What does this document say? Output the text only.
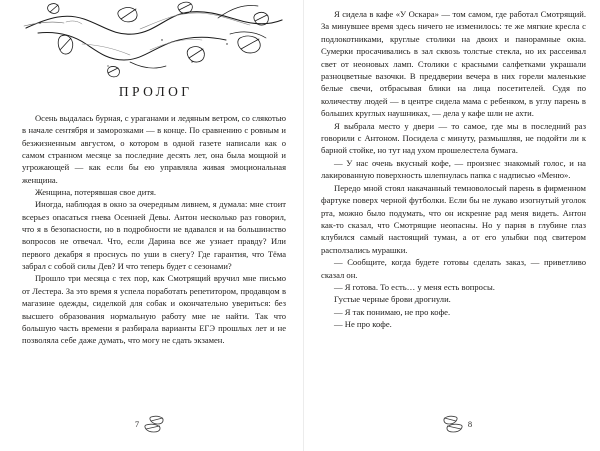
ПРОЛОГ

Осень выдалась бурная, с ураганами и ледяным ветром, со слякотью в начале сентября и заморозками — в конце. По сравнению с ровным и безжизненным августом, о котором в одной газете написали как о самом странном месяце за последние десять лет, она была мощной и угрожающей — как если бы ею управляла живая эмоциональная женщина.

Женщина, потерявшая свое дитя.

Иногда, наблюдая в окно за очередным ливнем, я думала: мне стоит всерьез опасаться гнева Осенней Девы. Антон несколько раз говорил, что я в безопасности, но в подробности не вдавался и на большинство вопросов не отвечал. Что, если Дарина все же узнает правду? Или первого декабря я проснусь по уши в снегу? Где гарантия, что Тёма забрал с собой силы Дев? И что теперь будет с сезонами?

Прошло три месяца с тех пор, как Смотрящий вручил мне письмо от Лестера. За это время я успела поработать репетитором, продавцом в магазине одежды, сиделкой для собак и окончательно увериться: без высшего образования нормальную работу мне не найти. Так что большую часть времени я разбирала варианты ЕГЭ прошлых лет и не позволяла себе даже думать, что могу не сдать экзамен.

7

Я сидела в кафе «У Оскара» — том самом, где работал Смотрящий. За минувшее время здесь ничего не изменилось: те же мягкие кресла с подлокотниками, круглые столики на двоих и панорамные окна. Сумерки просачивались в зал сквозь толстые стекла, но их рассеивал свет от неоновых ламп. Столики с красными салфетками украшали разноцветные вазочки. В преддверии вечера в них горели маленькие белые свечи, отбрасывая блики на лица посетителей. Судя по количеству людей — в центре сидела мама с ребенком, в углу парень в больших круглых наушниках, — дела у кафе шли не ахти.

Я выбрала место у двери — то самое, где мы в последний раз говорили с Антоном. Посидела с минуту, размышляя, не подойти ли к барной стойке, но тут над ухом прошелестела бумага.

— У нас очень вкусный кофе, — произнес знакомый голос, и на лакированную поверхность шлепнулась папка с надписью «Меню».

Передо мной стоял накачанный темноволосый парень в фирменном фартуке поверх черной футболки. Если бы не лукаво изогнутый уголок рта, можно было подумать, что он искренне рад меня видеть. Антон как-то сказал, что Смотрящие неопасны. Но у парня в глубине глаз клубился самый настоящий туман, а от его улыбки под свитером расползались мурашки.

— Сообщите, когда будете готовы сделать заказ, — приветливо сказал он.

— Я готова. То есть… у меня есть вопросы.

Густые черные брови дрогнули.

— Я так понимаю, не про кофе.

— Не про кофе.

8
